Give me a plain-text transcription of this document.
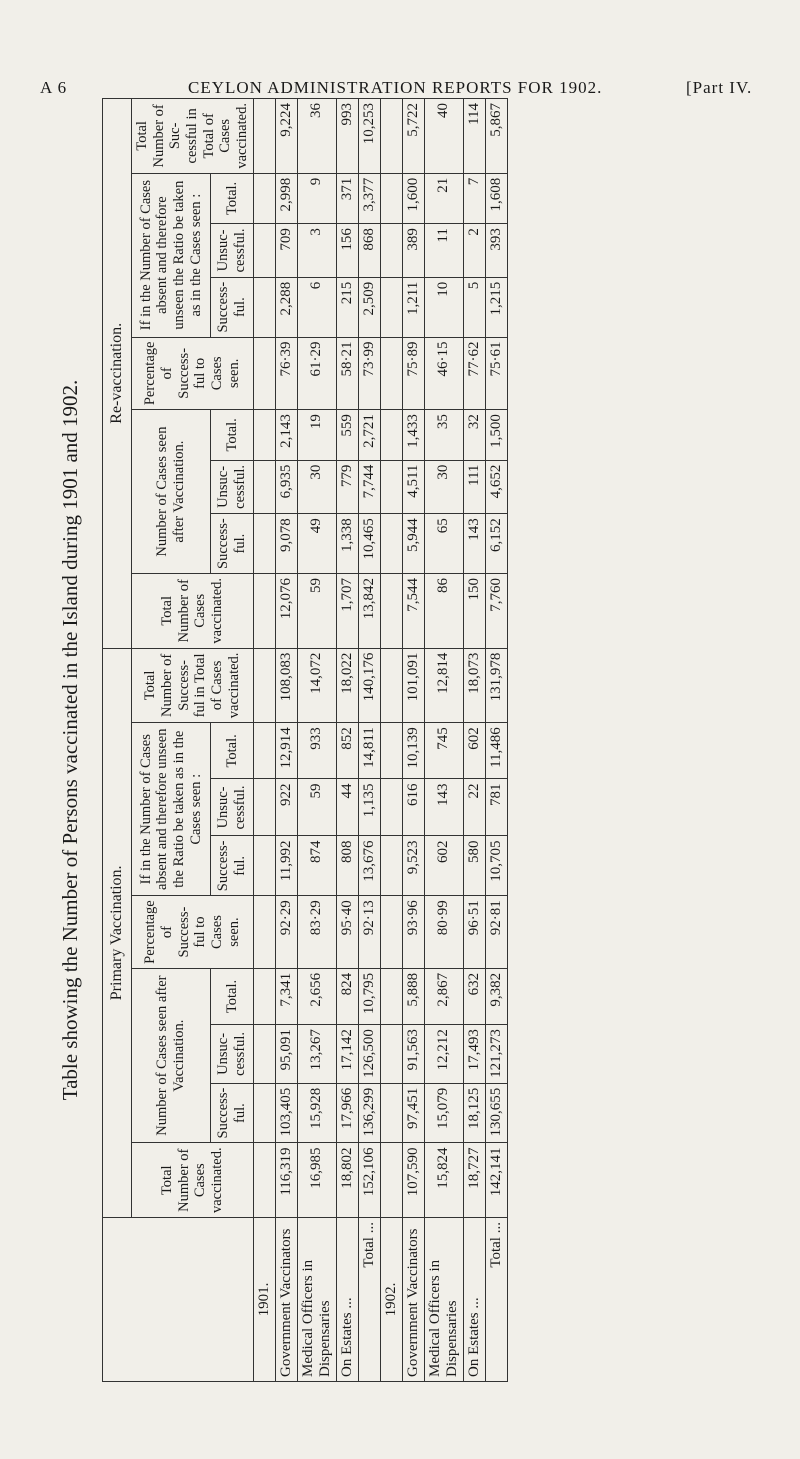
A 6	CEYLON ADMINISTRATION REPORTS FOR 1902.	[Part IV.
Table showing the Number of Persons vaccinated in the Island during 1901 and 1902.
	Primary Vaccination.									Re-vaccination.								
	Total Number of Cases vaccinated.	Number of Cases seen after Vaccination.			Percentage of Success-ful to Cases seen.	If in the Number of Cases absent and therefore unseen the Ratio be taken as in the Cases seen :			Total Number of Success-ful in Total of Cases vaccinated.	Total Number of Cases vaccinated.	Number of Cases seen after Vaccination.			Percentage of Success-ful to Cases seen.	If in the Number of Cases absent and therefore unseen the Ratio be taken as in the Cases seen :			Total Number of Suc-cessful in Total of Cases vaccinated.
		Success-ful.	Unsuc-cessful.	Total.		Success-ful.	Unsuc-cessful.	Total.			Success-ful.	Unsuc-cessful.	Total.		Success-ful.	Unsuc-cessful.	Total.	
1901.																		
Government Vaccinators	116,319	103,405	95,091	7,341	92·29	11,992	922	12,914	108,083	12,076	9,078	6,935	2,143	76·39	2,288	709	2,998	9,224
Medical Officers in Dispensaries	16,985	15,928	13,267	2,656	83·29	874	59	933	14,072	59	49	30	19	61·29	6	3	9	36
On Estates ...	18,802	17,966	17,142	824	95·40	808	44	852	18,022	1,707	1,338	779	559	58·21	215	156	371	993
Total ...	152,106	136,299	126,500	10,795	92·13	13,676	1,135	14,811	140,176	13,842	10,465	7,744	2,721	73·99	2,509	868	3,377	10,253
1902.																		
Government Vaccinators	107,590	97,451	91,563	5,888	93·96	9,523	616	10,139	101,091	7,544	5,944	4,511	1,433	75·89	1,211	389	1,600	5,722
Medical Officers in Dispensaries	15,824	15,079	12,212	2,867	80·99	602	143	745	12,814	86	65	30	35	46·15	10	11	21	40
On Estates ...	18,727	18,125	17,493	632	96·51	580	22	602	18,073	150	143	111	32	77·62	5	2	7	114
Total ...	142,141	130,655	121,273	9,382	92·81	10,705	781	11,486	131,978	7,760	6,152	4,652	1,500	75·61	1,215	393	1,608	5,867
